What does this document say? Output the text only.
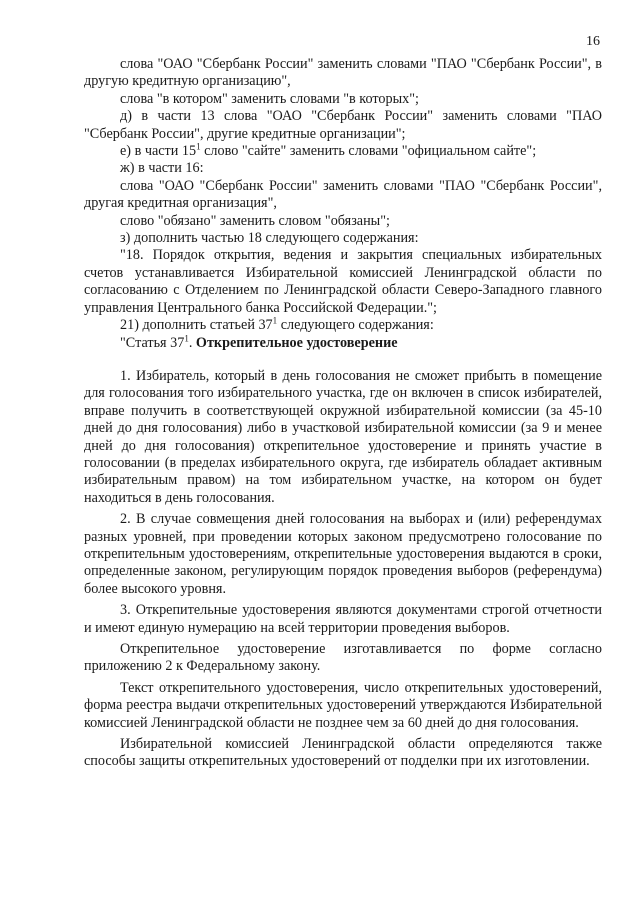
16

слова "ОАО "Сбербанк России" заменить словами "ПАО "Сбербанк России", в другую кредитную организацию",

слова "в котором" заменить словами "в которых";

д) в части 13 слова "ОАО "Сбербанк России" заменить словами "ПАО "Сбербанк России", другие кредитные организации";

е) в части $15^1$ слово "сайте" заменить словами "официальном сайте";

ж) в части 16:

слова "ОАО "Сбербанк России" заменить словами "ПАО "Сбербанк России", другая кредитная организация",

слово "обязано" заменить словом "обязаны";

з) дополнить частью 18 следующего содержания:

"18. Порядок открытия, ведения и закрытия специальных избирательных счетов устанавливается Избирательной комиссией Ленинградской области по согласованию с Отделением по Ленинградской области Северо-Западного главного управления Центрального банка Российской Федерации.";

21) дополнить статьей $37^1$ следующего содержания:

"Статья $37^1$. Открепительное удостоверение

1. Избиратель, который в день голосования не сможет прибыть в помещение для голосования того избирательного участка, где он включен в список избирателей, вправе получить в соответствующей окружной избирательной комиссии (за 45-10 дней до дня голосования) либо в участковой избирательной комиссии (за 9 и менее дней до дня голосования) открепительное удостоверение и принять участие в голосовании (в пределах избирательного округа, где избиратель обладает активным избирательным правом) на том избирательном участке, на котором он будет находиться в день голосования.

2. В случае совмещения дней голосования на выборах и (или) референдумах разных уровней, при проведении которых законом предусмотрено голосование по открепительным удостоверениям, открепительные удостоверения выдаются в сроки, определенные законом, регулирующим порядок проведения выборов (референдума) более высокого уровня.

3. Открепительные удостоверения являются документами строгой отчетности и имеют единую нумерацию на всей территории проведения выборов.

Открепительное удостоверение изготавливается по форме согласно приложению 2 к Федеральному закону.

Текст открепительного удостоверения, число открепительных удостоверений, форма реестра выдачи открепительных удостоверений утверждаются Избирательной комиссией Ленинградской области не позднее чем за 60 дней до дня голосования.

Избирательной комиссией Ленинградской области определяются также способы защиты открепительных удостоверений от подделки при их изготовлении.
